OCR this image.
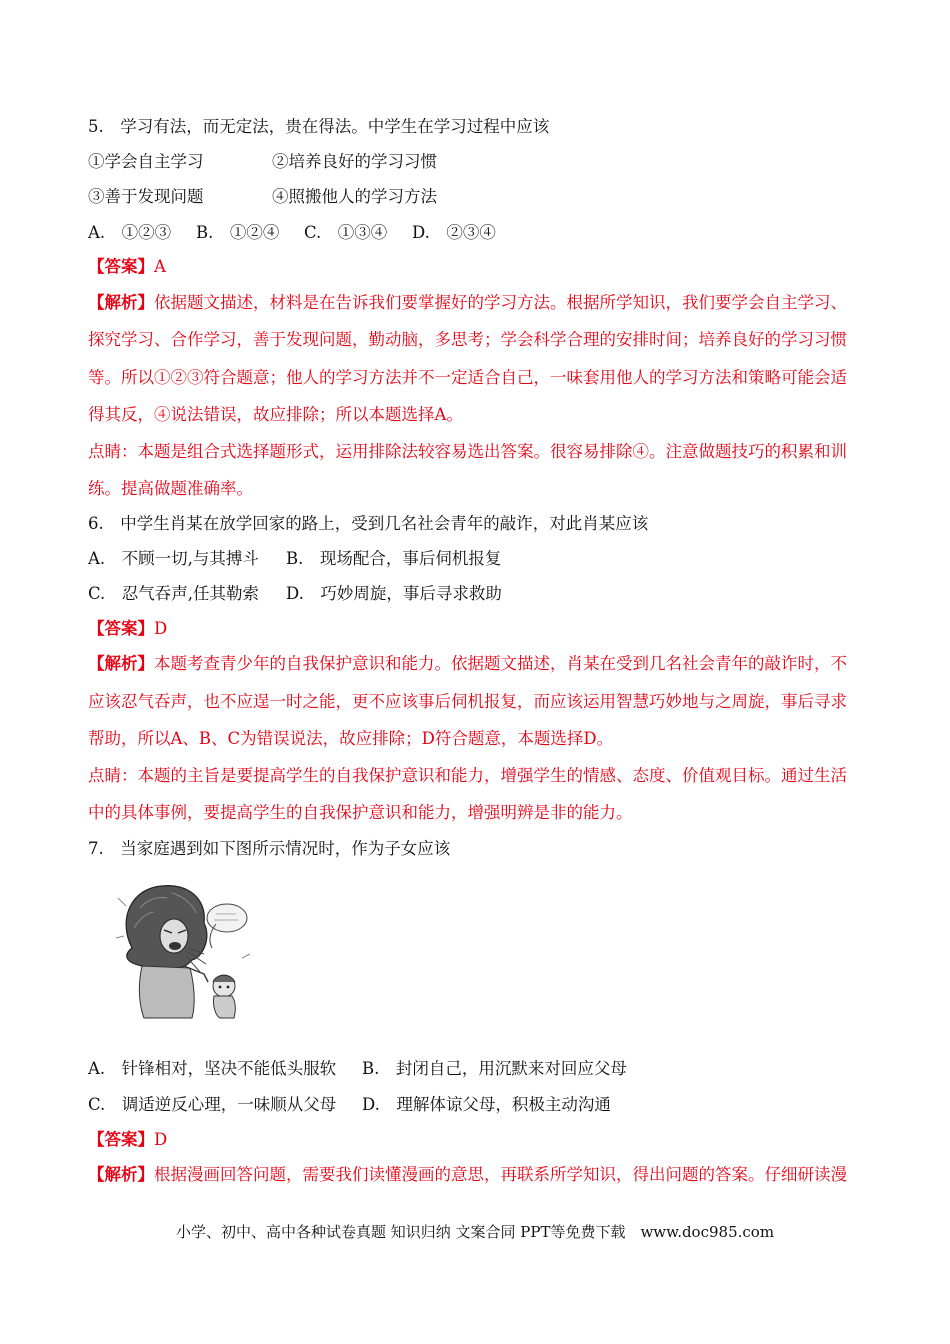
5.　学习有法，而无定法，贵在得法。中学生在学习过程中应该
①学会自主学习	②培养良好的学习习惯
③善于发现问题	④照搬他人的学习方法
A.　①②③ B.　①②④ C.　①③④ D.　②③④
【答案】A
【解析】依据题文描述，材料是在告诉我们要掌握好的学习方法。根据所学知识，我们要学会自主学习、
探究学习、合作学习，善于发现问题，勤动脑，多思考；学会科学合理的安排时间；培养良好的学习习惯
等。所以①②③符合题意；他人的学习方法并不一定适合自己，一味套用他人的学习方法和策略可能会适
得其反，④说法错误，故应排除；所以本题选择A。
点睛：本题是组合式选择题形式，运用排除法较容易选出答案。很容易排除④。注意做题技巧的积累和训
练。提高做题准确率。
6.　中学生肖某在放学回家的路上，受到几名社会青年的敲诈，对此肖某应该
A.　不顾一切,与其搏斗 B.　现场配合，事后伺机报复
C.　忍气吞声,任其勒索 D.　巧妙周旋，事后寻求救助
【答案】D
【解析】本题考查青少年的自我保护意识和能力。依据题文描述，肖某在受到几名社会青年的敲诈时，不
应该忍气吞声，也不应逞一时之能，更不应该事后伺机报复，而应该运用智慧巧妙地与之周旋，事后寻求
帮助，所以A、B、C为错误说法，故应排除；D符合题意，本题选择D。
点睛：本题的主旨是要提高学生的自我保护意识和能力，增强学生的情感、态度、价值观目标。通过生活
中的具体事例，要提高学生的自我保护意识和能力，增强明辨是非的能力。
7.　当家庭遇到如下图所示情况时，作为子女应该
A.　针锋相对，坚决不能低头服软 B.　封闭自己，用沉默来对回应父母
C.　调适逆反心理，一味顺从父母 D.　理解体谅父母，积极主动沟通
【答案】D
【解析】根据漫画回答问题，需要我们读懂漫画的意思，再联系所学知识，得出问题的答案。仔细研读漫
小学、初中、高中各种试卷真题 知识归纳 文案合同 PPT等免费下载　www.doc985.com
